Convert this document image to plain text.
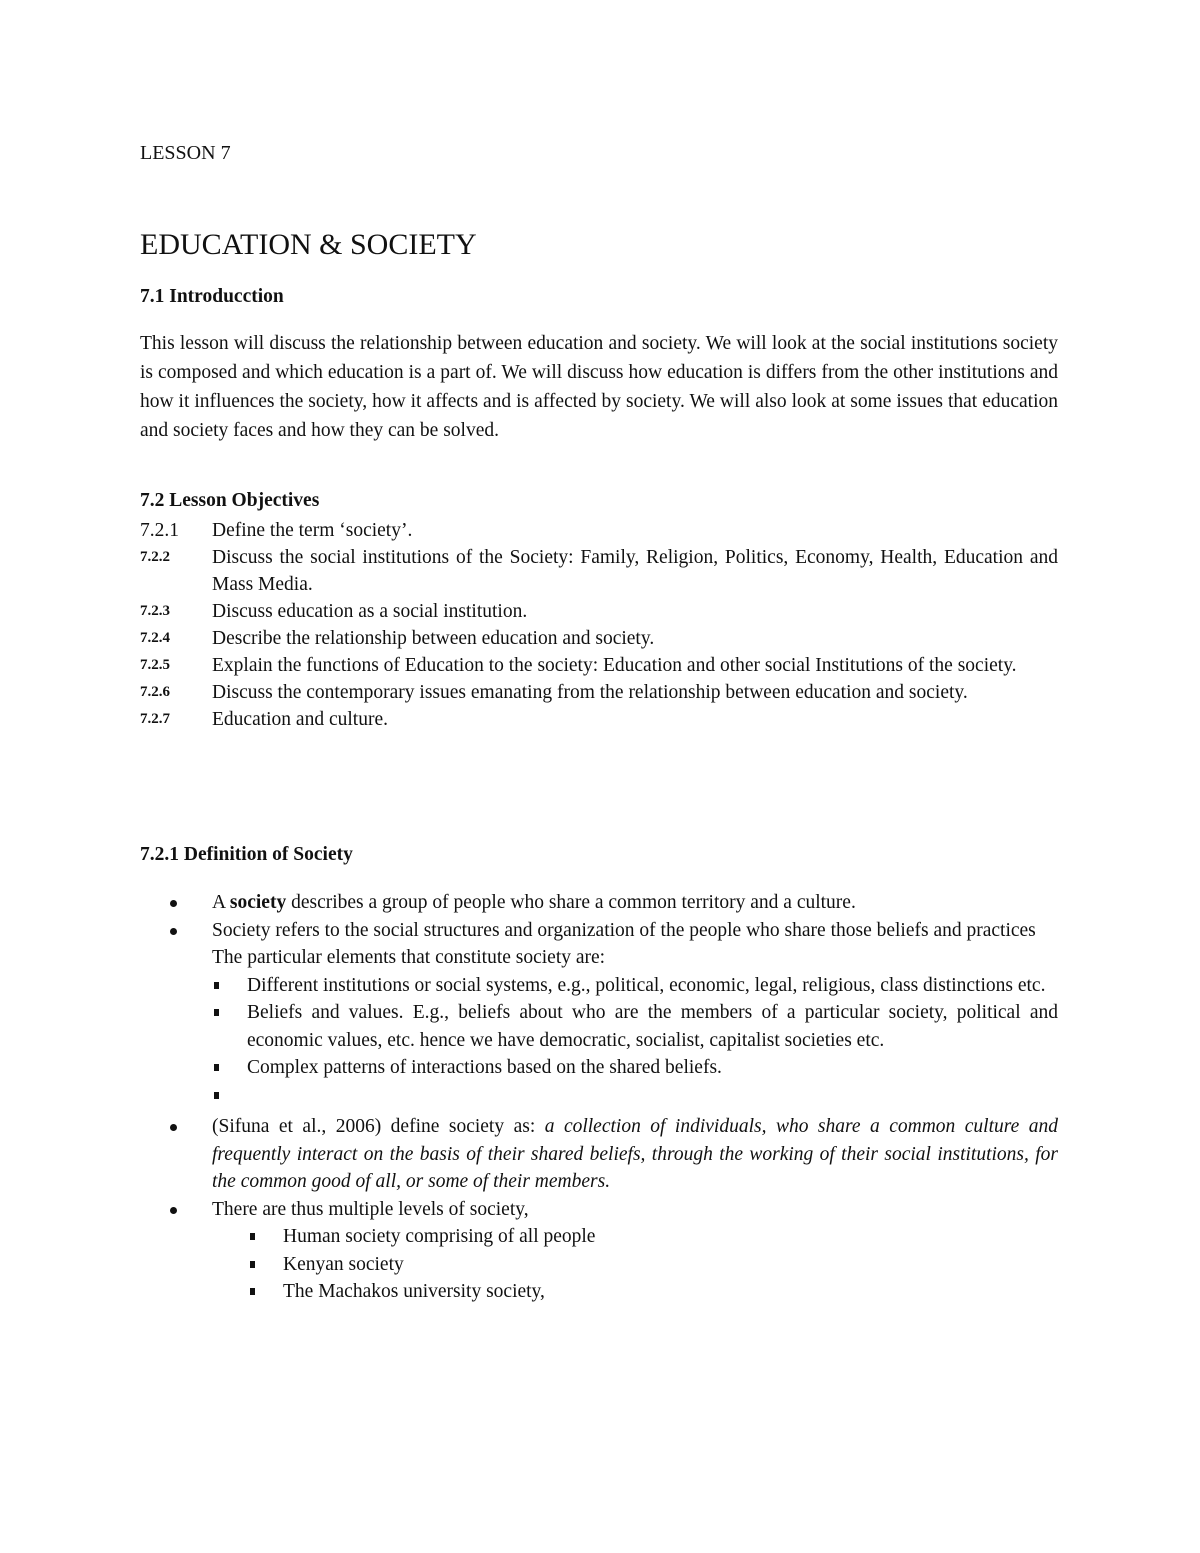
LESSON 7
EDUCATION & SOCIETY
7.1 Introducction
This lesson will discuss the relationship between education and society. We will look at the social institutions society is composed and which education is a part of. We will discuss how education is differs from the other institutions and how it influences the society, how it affects and is affected by society. We will also look at some issues that education and society faces and how they can be solved.
7.2 Lesson Objectives
7.2.1	Define the term ‘society’.
7.2.2	Discuss the social institutions of the Society: Family, Religion, Politics, Economy, Health, Education and Mass Media.
7.2.3	Discuss education as a social institution.
7.2.4	Describe the relationship between education and society.
7.2.5	Explain the functions of Education to the society: Education and other social Institutions of the society.
7.2.6	Discuss the contemporary issues emanating from the relationship between education and society.
7.2.7	Education and culture.
7.2.1 Definition of Society
A society describes a group of people who share a common territory and a culture.
Society refers to the social structures and organization of the people who share those beliefs and practices
The particular elements that constitute society are:
Different institutions or social systems, e.g., political, economic, legal, religious, class distinctions etc.
Beliefs and values. E.g., beliefs about who are the members of a particular society, political and economic values, etc. hence we have democratic, socialist, capitalist societies etc.
Complex patterns of interactions based on the shared beliefs.
(Sifuna et al., 2006) define society as: a collection of individuals, who share a common culture and frequently interact on the basis of their shared beliefs, through the working of their social institutions, for the common good of all, or some of their members.
There are thus multiple levels of society,
Human society comprising of all people
Kenyan society
The Machakos university society,
